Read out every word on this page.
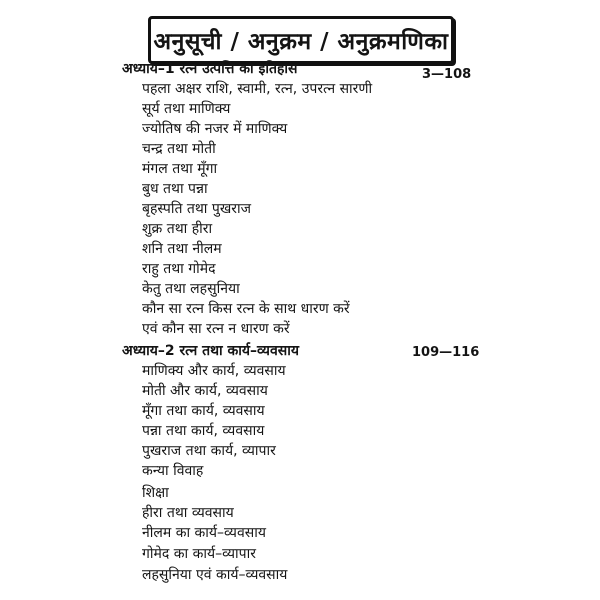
अनुसूची / अनुक्रम / अनुक्रमणिका
अध्याय–1 रत्न उत्पत्ति का इतिहास	3—108
पहला अक्षर राशि, स्वामी, रत्न, उपरत्न सारणी
सूर्य तथा माणिक्य
ज्योतिष की नजर में माणिक्य
चन्द्र तथा मोती
मंगल तथा मूँगा
बुध तथा पन्ना
बृहस्पति तथा पुखराज
शुक्र तथा हीरा
शनि तथा नीलम
राहु तथा गोमेद
केतु तथा लहसुनिया
कौन सा रत्न किस रत्न के साथ धारण करें
एवं कौन सा रत्न न धारण करें
अध्याय–2 रत्न तथा कार्य–व्यवसाय	109—116
माणिक्य और कार्य, व्यवसाय
मोती और कार्य, व्यवसाय
मूँगा तथा कार्य, व्यवसाय
पन्ना तथा कार्य, व्यवसाय
पुखराज तथा कार्य, व्यापार
कन्या विवाह
शिक्षा
हीरा तथा व्यवसाय
नीलम का कार्य–व्यवसाय
गोमेद का कार्य–व्यापार
लहसुनिया एवं कार्य–व्यवसाय
